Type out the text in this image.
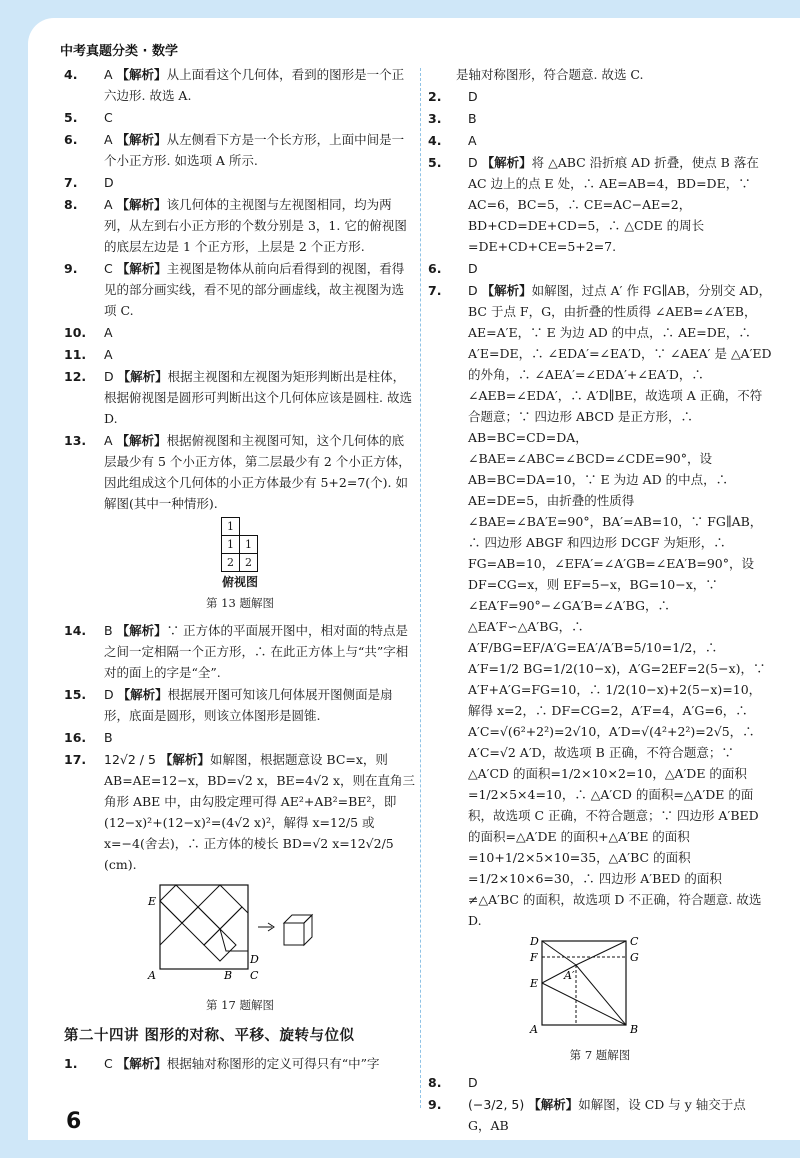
中考真题分类 · 数学
4.	A 【解析】从上面看这个几何体，看到的图形是一个正六边形. 故选 A.
5.	C
6.	A 【解析】从左侧看下方是一个长方形，上面中间是一个小正方形. 如选项 A 所示.
7.	D
8.	A 【解析】该几何体的主视图与左视图相同，均为两列，从左到右小正方形的个数分别是 3，1. 它的俯视图的底层左边是 1 个正方形，上层是 2 个正方形.
9.	C 【解析】主视图是物体从前向后看得到的视图，看得见的部分画实线，看不见的部分画虚线，故主视图为选项 C.
10. A
11. A
12. D 【解析】根据主视图和左视图为矩形判断出是柱体，根据俯视图是圆形可判断出这个几何体应该是圆柱. 故选 D.
13. A 【解析】根据俯视图和主视图可知，这个几何体的底层最少有 5 个小正方体，第二层最少有 2 个小正方体，因此组成这个几何体的小正方体最少有 5+2=7(个). 如解图(其中一种情形).
1
1	1
2	2
俯视图
第 13 题解图
14. B 【解析】∵ 正方体的平面展开图中，相对面的特点是之间一定相隔一个正方形，∴ 在此正方体上与“共”字相对的面上的字是“全”.
15. D 【解析】根据展开图可知该几何体展开图侧面是扇形，底面是圆形，则该立体图形是圆锥.
16. B
17. 12√2 / 5 【解析】如解图，根据题意设 BC=x，则 AB=AE=12−x，BD=√2 x，BE=4√2 x，则在直角三角形 ABE 中，由勾股定理可得 AE²+AB²=BE²，即(12−x)²+(12−x)²=(4√2 x)²，解得 x=12/5 或 x=−4(舍去)，∴ 正方体的棱长 BD=√2 x=12√2/5 (cm).
E
A	B C
D
第 17 题解图
第二十四讲 图形的对称、平移、旋转与位似
1.	C 【解析】根据轴对称图形的定义可得只有“中”字
是轴对称图形，符合题意. 故选 C.
2.	D
3.	B
4.	A
5.	D 【解析】将 △ABC 沿折痕 AD 折叠，使点 B 落在 AC 边上的点 E 处，∴ AE=AB=4，BD=DE，∵ AC=6，BC=5，∴ CE=AC−AE=2，BD+CD=DE+CD=5，∴ △CDE 的周长=DE+CD+CE=5+2=7.
6.	D
7.	D 【解析】如解图，过点 A′ 作 FG∥AB，分别交 AD，BC 于点 F，G，由折叠的性质得 ∠AEB=∠A′EB，AE=A′E，∵ E 为边 AD 的中点，∴ AE=DE，∴ A′E=DE，∴ ∠EDA′=∠EA′D，∵ ∠AEA′ 是 △A′ED 的外角，∴ ∠AEA′=∠EDA′+∠EA′D，∴ ∠AEB=∠EDA′，∴ A′D∥BE，故选项 A 正确，不符合题意；∵ 四边形 ABCD 是正方形，∴ AB=BC=CD=DA，∠BAE=∠ABC=∠BCD=∠CDE=90°，设 AB=BC=DA=10，∵ E 为边 AD 的中点，∴ AE=DE=5，由折叠的性质得 ∠BAE=∠BA′E=90°，BA′=AB=10，∵ FG∥AB，∴ 四边形 ABGF 和四边形 DCGF 为矩形，∴ FG=AB=10，∠EFA′=∠A′GB=∠EA′B=90°，设 DF=CG=x，则 EF=5−x，BG=10−x，∵ ∠EA′F=90°−∠GA′B=∠A′BG，∴ △EA′F∽△A′BG，∴ A′F/BG=EF/A′G=EA′/A′B=5/10=1/2，∴ A′F=1/2 BG=1/2(10−x)，A′G=2EF=2(5−x)，∵ A′F+A′G=FG=10，∴ 1/2(10−x)+2(5−x)=10，解得 x=2，∴ DF=CG=2，A′F=4，A′G=6，∴ A′C=√(6²+2²)=2√10，A′D=√(4²+2²)=2√5，∴ A′C=√2 A′D，故选项 B 正确，不符合题意；∵ △A′CD 的面积=1/2×10×2=10，△A′DE 的面积=1/2×5×4=10，∴ △A′CD 的面积=△A′DE 的面积，故选项 C 正确，不符合题意；∵ 四边形 A′BED 的面积=△A′DE 的面积+△A′BE 的面积=10+1/2×5×10=35，△A′BC 的面积=1/2×10×6=30，∴ 四边形 A′BED 的面积≠△A′BC 的面积，故选项 D 不正确，符合题意. 故选 D.
D	C
F	G
A′
E
A	B
第 7 题解图
8.	D
9.	(−3/2, 5) 【解析】如解图，设 CD 与 y 轴交于点 G，AB
6
